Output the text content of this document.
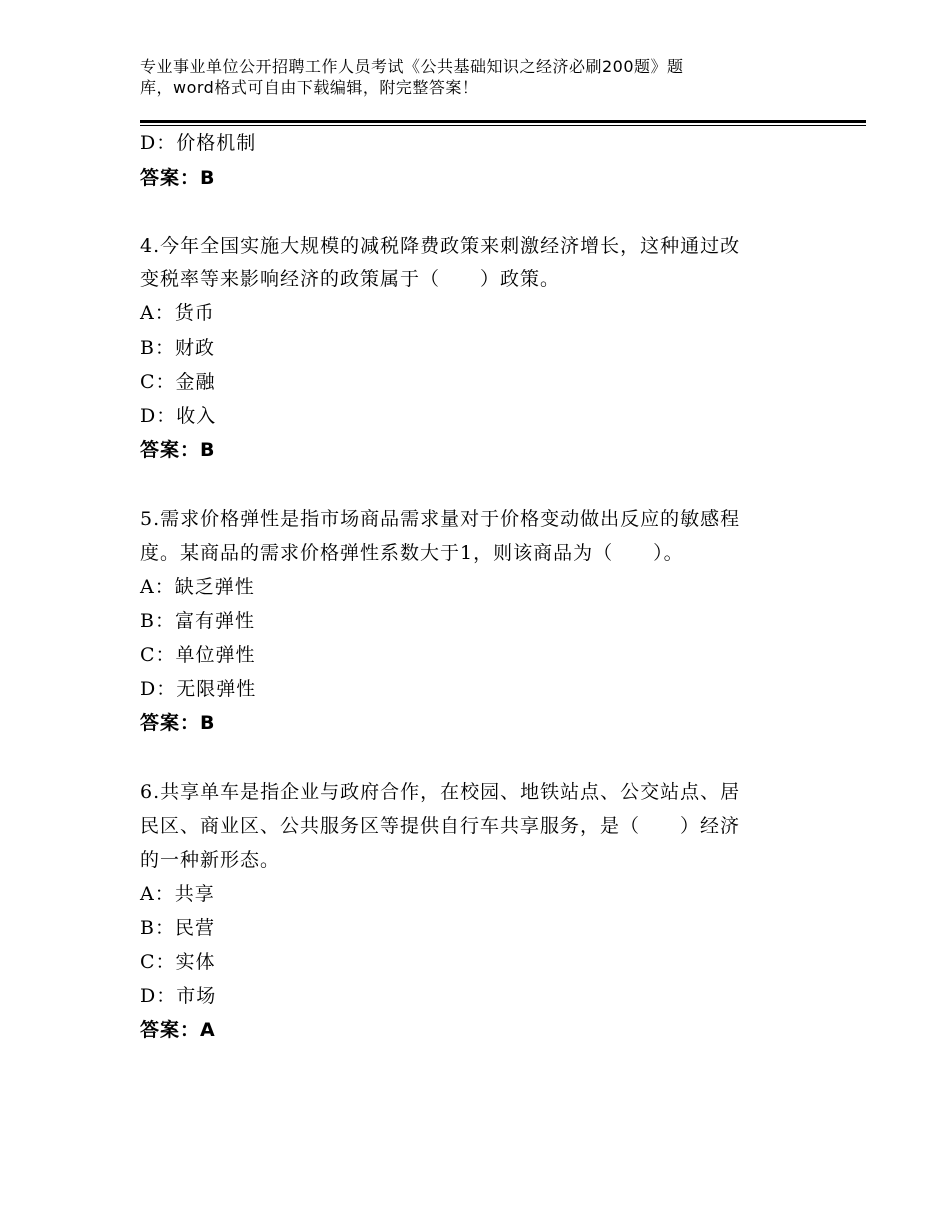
专业事业单位公开招聘工作人员考试《公共基础知识之经济必刷200题》题
库，word格式可自由下载编辑，附完整答案！
D：价格机制
答案：B
4.今年全国实施大规模的减税降费政策来刺激经济增长，这种通过改
变税率等来影响经济的政策属于（　　）政策。
A：货币
B：财政
C：金融
D：收入
答案：B
5.需求价格弹性是指市场商品需求量对于价格变动做出反应的敏感程
度。某商品的需求价格弹性系数大于1，则该商品为（　　）。
A：缺乏弹性
B：富有弹性
C：单位弹性
D：无限弹性
答案：B
6.共享单车是指企业与政府合作，在校园、地铁站点、公交站点、居
民区、商业区、公共服务区等提供自行车共享服务，是（　　）经济
的一种新形态。
A：共享
B：民营
C：实体
D：市场
答案：A
